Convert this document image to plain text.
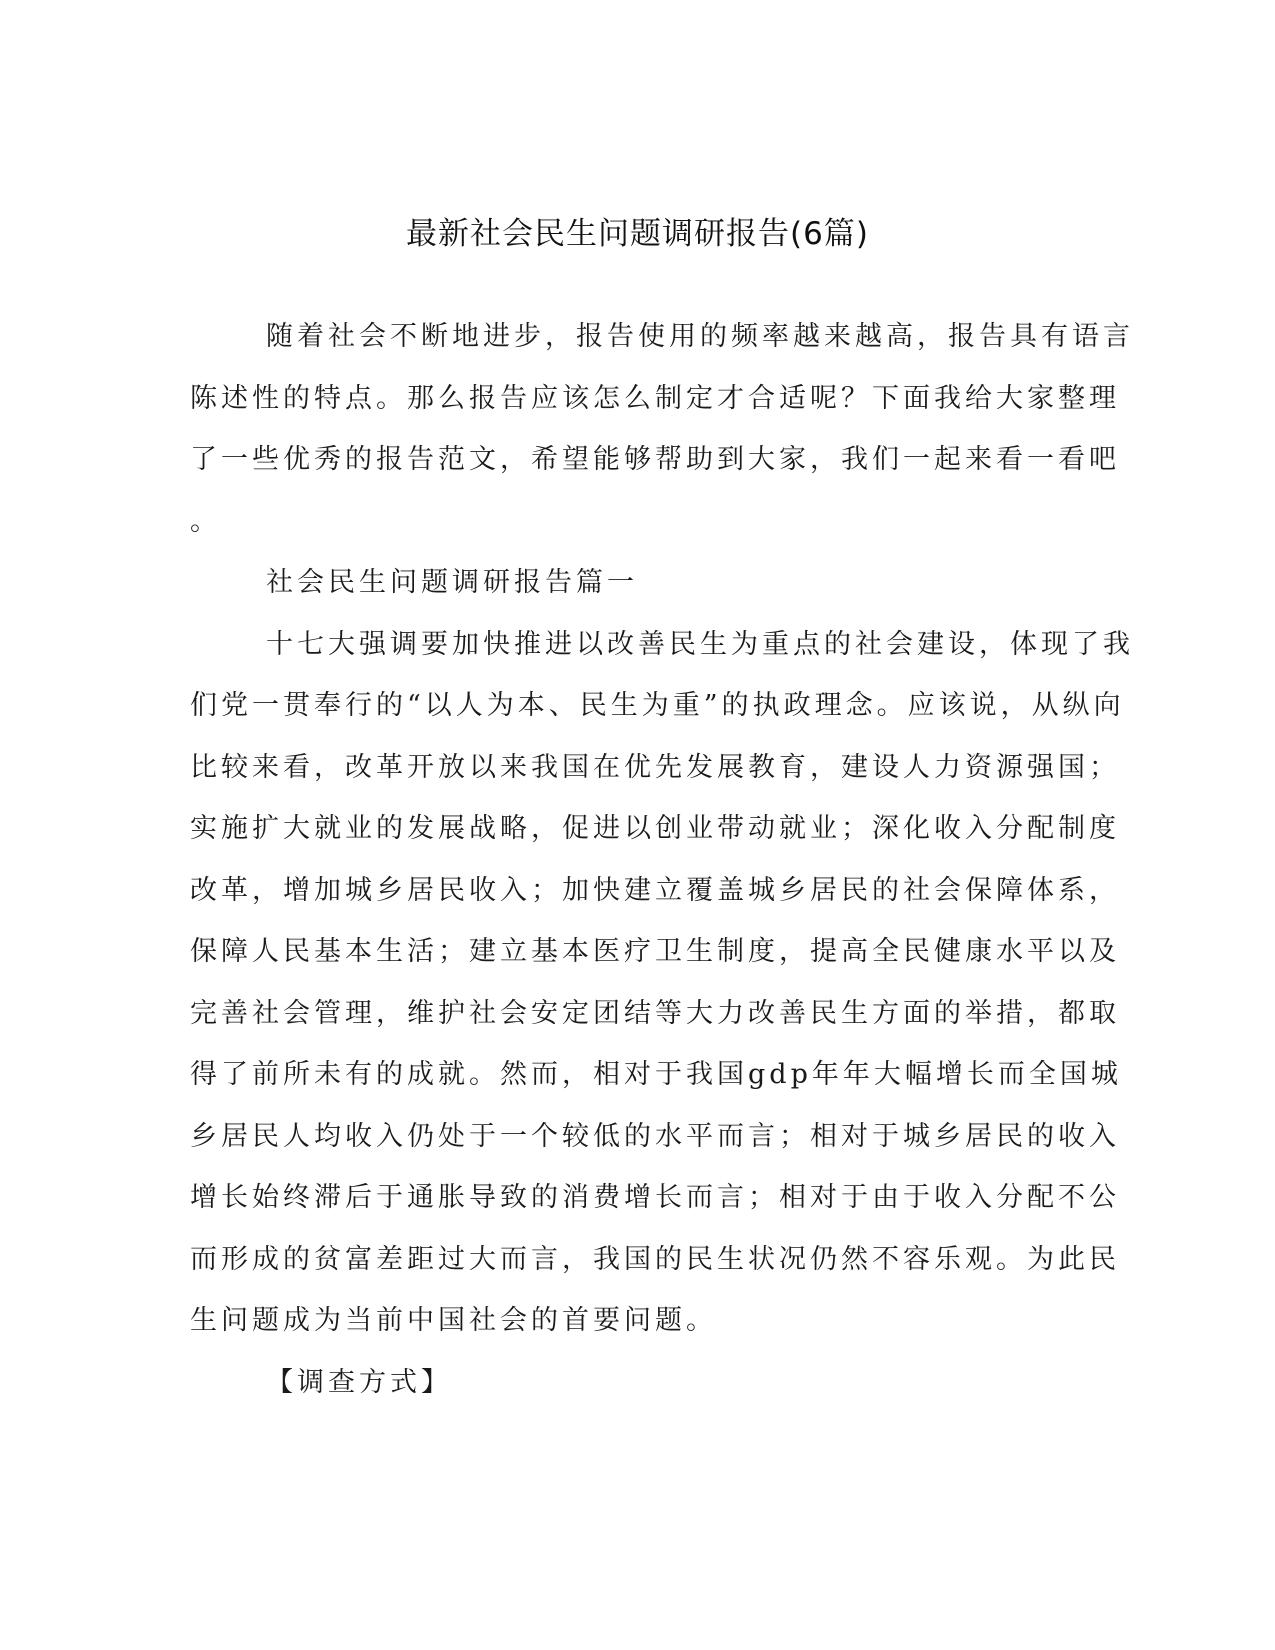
最新社会民生问题调研报告(6篇)
随着社会不断地进步，报告使用的频率越来越高，报告具有语言
陈述性的特点。那么报告应该怎么制定才合适呢？下面我给大家整理
了一些优秀的报告范文，希望能够帮助到大家，我们一起来看一看吧
。
社会民生问题调研报告篇一
十七大强调要加快推进以改善民生为重点的社会建设，体现了我
们党一贯奉行的“以人为本、民生为重”的执政理念。应该说，从纵向
比较来看，改革开放以来我国在优先发展教育，建设人力资源强国；
实施扩大就业的发展战略，促进以创业带动就业；深化收入分配制度
改革，增加城乡居民收入；加快建立覆盖城乡居民的社会保障体系，
保障人民基本生活；建立基本医疗卫生制度，提高全民健康水平以及
完善社会管理，维护社会安定团结等大力改善民生方面的举措，都取
得了前所未有的成就。然而，相对于我国gdp年年大幅增长而全国城
乡居民人均收入仍处于一个较低的水平而言；相对于城乡居民的收入
增长始终滞后于通胀导致的消费增长而言；相对于由于收入分配不公
而形成的贫富差距过大而言，我国的民生状况仍然不容乐观。为此民
生问题成为当前中国社会的首要问题。
【调查方式】
